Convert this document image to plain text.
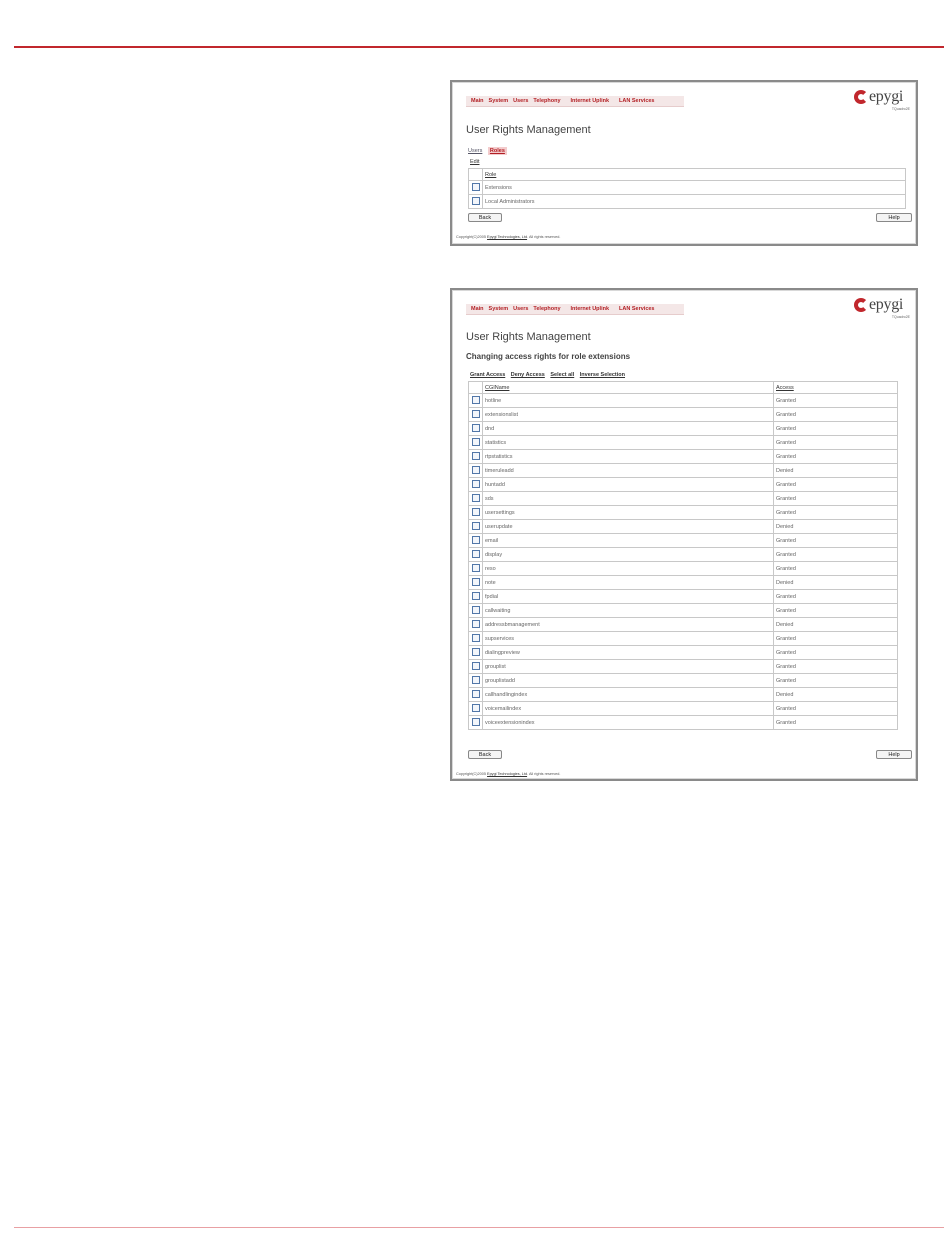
Main System Users Telephony Internet Uplink LAN Services	epygi
TQuadro2E
User Rights Management
Users Roles
Edit
	Role
	Extensions
	Local Administrators
Back	Help
Copyright(C)2005 Epygi Technologies, Ltd. All rights reserved.
Main System Users Telephony Internet Uplink LAN Services	epygi
TQuadro2E
User Rights Management
Changing access rights for role extensions
Grant Access Deny Access Select all Inverse Selection
	CGIName	Access
	hotline	Granted
	extensionslist	Granted
	dnd	Granted
	statistics	Granted
	rtpstatistics	Granted
	timeruleadd	Denied
	huntadd	Granted
	sds	Granted
	usersettings	Granted
	userupdate	Denied
	email	Granted
	display	Granted
	reso	Granted
	note	Denied
	fpdial	Granted
	callwaiting	Granted
	addressbmanagement	Denied
	supservices	Granted
	dialingpreview	Granted
	grouplist	Granted
	grouplistadd	Granted
	callhandlingindex	Denied
	voicemailindex	Granted
	voiceextensionindex	Granted
Back	Help
Copyright(C)2005 Epygi Technologies, Ltd. All rights reserved.
